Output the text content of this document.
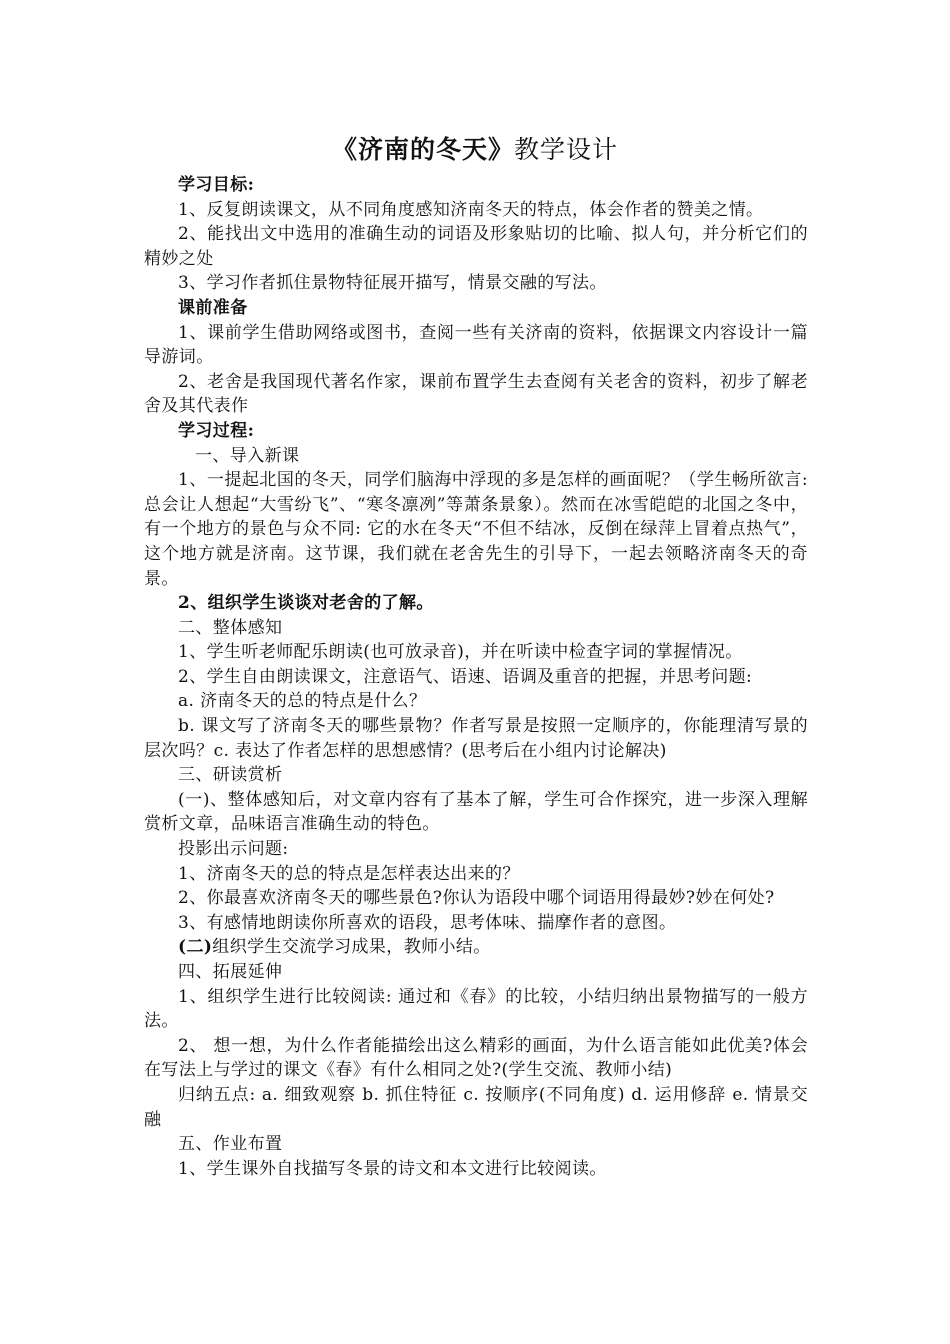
《济南的冬天》教学设计

学习目标:

1、反复朗读课文，从不同角度感知济南冬天的特点，体会作者的赞美之情。

2、能找出文中选用的准确生动的词语及形象贴切的比喻、拟人句，并分析它们的精妙之处

3、学习作者抓住景物特征展开描写，情景交融的写法。

课前准备

1、课前学生借助网络或图书，查阅一些有关济南的资料，依据课文内容设计一篇导游词。

2、老舍是我国现代著名作家，课前布置学生去查阅有关老舍的资料，初步了解老舍及其代表作

学习过程:

一、导入新课

1、一提起北国的冬天，同学们脑海中浮现的多是怎样的画面呢？（学生畅所欲言: 总会让人想起“大雪纷飞”、“寒冬凛冽”等萧条景象）。然而在冰雪皑皑的北国之冬中，有一个地方的景色与众不同: 它的水在冬天“不但不结冰，反倒在绿萍上冒着点热气”，这个地方就是济南。这节课，我们就在老舍先生的引导下，一起去领略济南冬天的奇景。

2、组织学生谈谈对老舍的了解。

二、整体感知

1、学生听老师配乐朗读(也可放录音)，并在听读中检查字词的掌握情况。

2、学生自由朗读课文，注意语气、语速、语调及重音的把握，并思考问题:

a. 济南冬天的总的特点是什么？

b. 课文写了济南冬天的哪些景物？作者写景是按照一定顺序的，你能理清写景的层次吗？c. 表达了作者怎样的思想感情？(思考后在小组内讨论解决)

三、研读赏析

(一)、整体感知后，对文章内容有了基本了解，学生可合作探究，进一步深入理解赏析文章，品味语言准确生动的特色。

投影出示问题:

1、济南冬天的总的特点是怎样表达出来的？

2、你最喜欢济南冬天的哪些景色?你认为语段中哪个词语用得最妙?妙在何处?

3、有感情地朗读你所喜欢的语段，思考体味、揣摩作者的意图。

(二)组织学生交流学习成果，教师小结。

四、拓展延伸

1、组织学生进行比较阅读: 通过和《春》的比较，小结归纳出景物描写的一般方法。

2、 想一想，为什么作者能描绘出这么精彩的画面，为什么语言能如此优美?体会在写法上与学过的课文《春》有什么相同之处?(学生交流、教师小结)

归纳五点: a. 细致观察 b. 抓住特征 c. 按顺序(不同角度) d. 运用修辞 e. 情景交融

五、作业布置

1、学生课外自找描写冬景的诗文和本文进行比较阅读。
